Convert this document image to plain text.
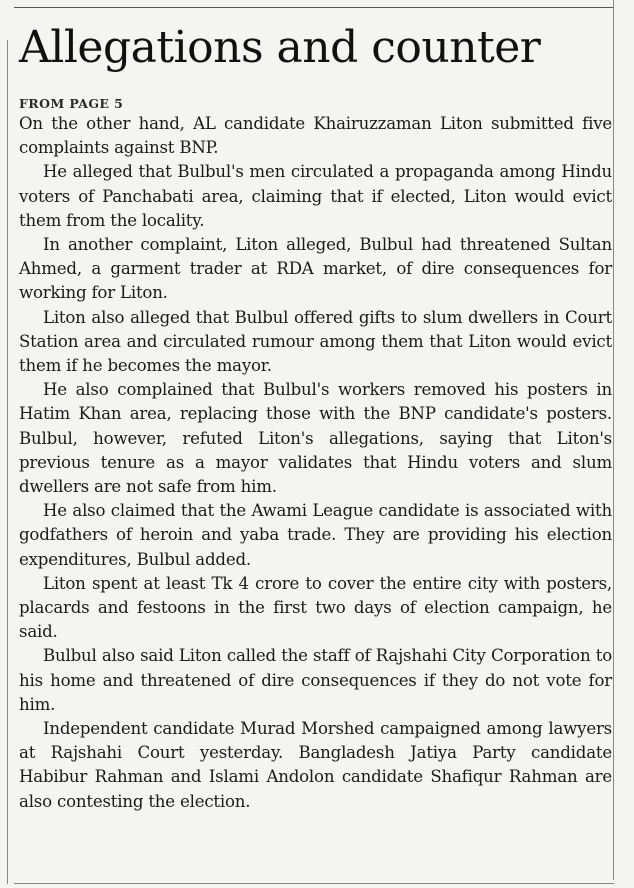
Allegations and counter
FROM PAGE 5

On the other hand, AL candidate Khairuzzaman Liton submitted five complaints against BNP.

He alleged that Bulbul's men circulated a propaganda among Hindu voters of Panchabati area, claiming that if elected, Liton would evict them from the locality.

In another complaint, Liton alleged, Bulbul had threatened Sultan Ahmed, a garment trader at RDA market, of dire consequences for working for Liton.

Liton also alleged that Bulbul offered gifts to slum dwellers in Court Station area and circulated rumour among them that Liton would evict them if he becomes the mayor.

He also complained that Bulbul's workers removed his posters in Hatim Khan area, replacing those with the BNP candidate's posters. Bulbul, however, refuted Liton's allegations, saying that Liton's previous tenure as a mayor validates that Hindu voters and slum dwellers are not safe from him.

He also claimed that the Awami League candidate is associated with godfathers of heroin and yaba trade. They are providing his election expenditures, Bulbul added.

Liton spent at least Tk 4 crore to cover the entire city with posters, placards and festoons in the first two days of election campaign, he said.

Bulbul also said Liton called the staff of Rajshahi City Corporation to his home and threatened of dire consequences if they do not vote for him.

Independent candidate Murad Morshed campaigned among lawyers at Rajshahi Court yesterday. Bangladesh Jatiya Party candidate Habibur Rahman and Islami Andolon candidate Shafiqur Rahman are also contesting the election.
